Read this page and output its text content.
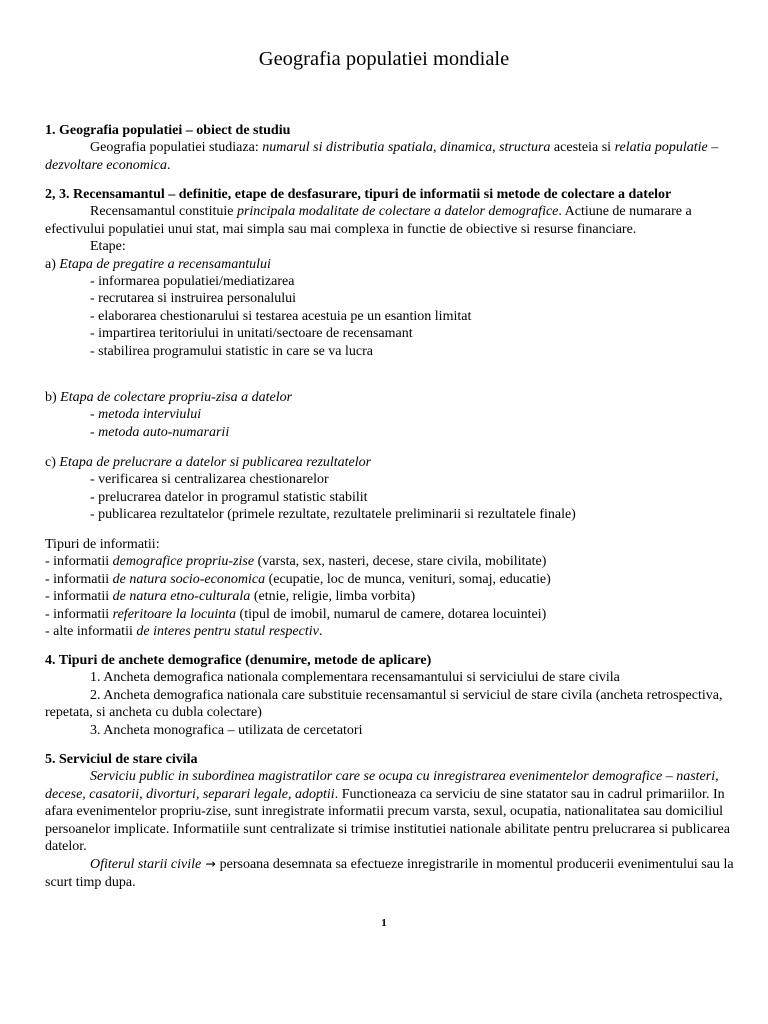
Geografia populatiei mondiale

1. Geografia populatiei – obiect de studiu

Geografia populatiei studiaza: numarul si distributia spatiala, dinamica, structura acesteia si relatia populatie – dezvoltare economica.

2, 3. Recensamantul – definitie, etape de desfasurare, tipuri de informatii si metode de colectare a datelor

Recensamantul constituie principala modalitate de colectare a datelor demografice. Actiune de numarare a efectivului populatiei unui stat, mai simpla sau mai complexa in functie de obiective si resurse financiare.

Etape:

a) Etapa de pregatire a recensamantului

- informarea populatiei/mediatizarea

- recrutarea si instruirea personalului

- elaborarea chestionarului si testarea acestuia pe un esantion limitat

- impartirea teritoriului in unitati/sectoare de recensamant

- stabilirea programului statistic in care se va lucra

b) Etapa de colectare propriu-zisa a datelor

- metoda interviului

- metoda auto-numararii

c) Etapa de prelucrare a datelor si publicarea rezultatelor

- verificarea si centralizarea chestionarelor

- prelucrarea datelor in programul statistic stabilit

- publicarea rezultatelor (primele rezultate, rezultatele preliminarii si rezultatele finale)

Tipuri de informatii:

- informatii demografice propriu-zise (varsta, sex, nasteri, decese, stare civila, mobilitate)

- informatii de natura socio-economica (ecupatie, loc de munca, venituri, somaj, educatie)

- informatii de natura etno-culturala (etnie, religie, limba vorbita)

- informatii referitoare la locuinta (tipul de imobil, numarul de camere, dotarea locuintei)

- alte informatii de interes pentru statul respectiv.

4. Tipuri de anchete demografice (denumire, metode de aplicare)

1. Ancheta demografica nationala complementara recensamantului si serviciului de stare civila

2. Ancheta demografica nationala care substituie recensamantul si serviciul de stare civila (ancheta retrospectiva, repetata, si ancheta cu dubla colectare)

3. Ancheta monografica – utilizata de cercetatori

5. Serviciul de stare civila

Serviciu public in subordinea magistratilor care se ocupa cu inregistrarea evenimentelor demografice – nasteri, decese, casatorii, divorturi, separari legale, adoptii. Functioneaza ca serviciu de sine statator sau in cadrul primariilor. In afara evenimentelor propriu-zise, sunt inregistrate informatii precum varsta, sexul, ocupatia, nationalitatea sau domiciliul persoanelor implicate. Informatiile sunt centralizate si trimise institutiei nationale abilitate pentru prelucrarea si publicarea datelor.

Ofiterul starii civile → persoana desemnata sa efectueze inregistrarile in momentul producerii evenimentului sau la scurt timp dupa.

1
